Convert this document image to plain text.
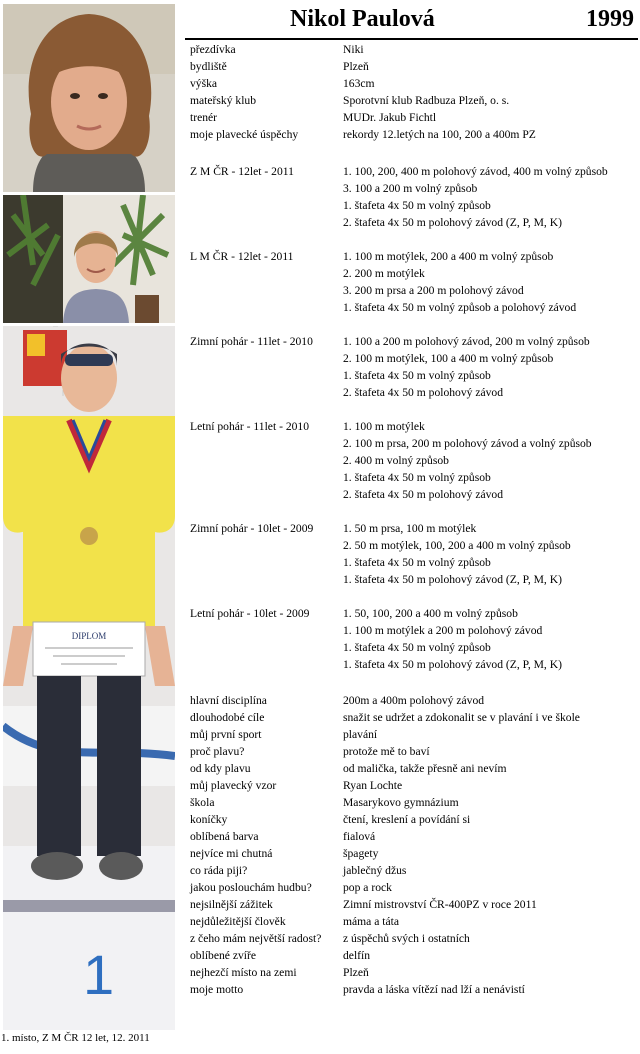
DIPLOM
1
1. místo, Z M ČR 12 let, 12. 2011
Nikol Paulová	1999
přezdívka	Niki
bydliště	Plzeň
výška	163cm
mateřský klub	Sporotvní klub Radbuza Plzeň, o. s.
trenér	MUDr. Jakub Fichtl
moje plavecké úspěchy	rekordy 12.letých na 100, 200 a 400m PZ
Z M ČR - 12let - 2011	1. 100, 200, 400 m polohový závod, 400 m volný způsob
3. 100 a 200 m volný způsob
1. štafeta 4x 50 m volný způsob
2. štafeta 4x 50 m polohový závod (Z, P, M, K)
L M ČR - 12let - 2011	1. 100 m motýlek, 200 a 400 m volný způsob
2. 200 m motýlek
3. 200 m prsa a 200 m polohový závod
1. štafeta 4x 50 m volný způsob a polohový závod
Zimní pohár - 11let - 2010	1. 100 a 200 m polohový závod, 200 m volný způsob
2. 100 m motýlek, 100 a 400 m volný způsob
1. štafeta 4x 50 m volný způsob
2. štafeta 4x 50 m polohový závod
Letní pohár - 11let - 2010	1. 100 m motýlek
2. 100 m prsa, 200 m polohový závod a volný způsob
2. 400 m volný způsob
1. štafeta 4x 50 m volný způsob
2. štafeta 4x 50 m polohový závod
Zimní pohár - 10let - 2009	1. 50 m prsa, 100 m motýlek
2. 50 m motýlek, 100, 200 a 400 m volný způsob
1. štafeta 4x 50 m volný způsob
1. štafeta 4x 50 m polohový závod (Z, P, M, K)
Letní pohár - 10let - 2009	1. 50, 100, 200 a 400 m volný způsob
1. 100 m motýlek a 200 m polohový závod
1. štafeta 4x 50 m volný způsob
1. štafeta 4x 50 m polohový závod (Z, P, M, K)
hlavní disciplína	200m a 400m polohový závod
dlouhodobé cíle	snažit se udržet a zdokonalit se v plavání i ve škole
můj první sport	plavání
proč plavu?	protože mě to baví
od kdy plavu	od malička, takže přesně ani nevím
můj plavecký vzor	Ryan Lochte
škola	Masarykovo gymnázium
koníčky	čtení, kreslení a povídání si
oblíbená barva	fialová
nejvíce mi chutná	špagety
co ráda piji?	jablečný džus
jakou poslouchám hudbu?	pop a rock
nejsilnější zážitek	Zimní mistrovství ČR-400PZ v roce 2011
nejdůležitější člověk	máma a táta
z čeho mám největší radost? z úspěchů svých i ostatních
oblíbené zvíře	delfín
nejhezčí místo na zemi	Plzeň
moje motto	pravda a láska vítězí nad lží a nenávistí
